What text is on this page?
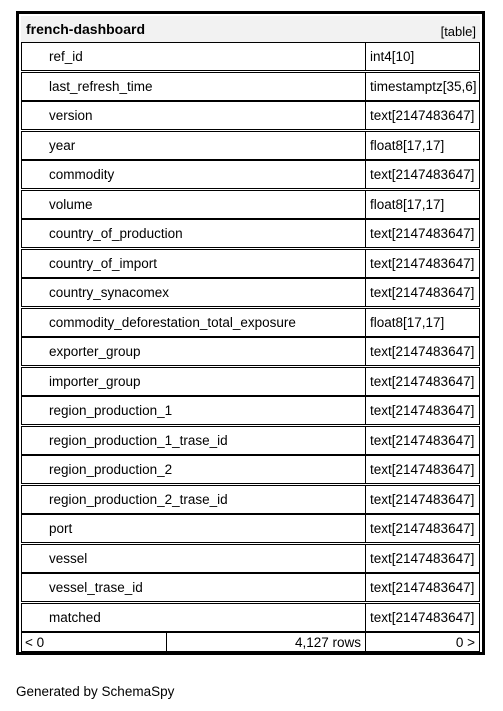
french-dashboard	[table]
ref_id	int4[10]
last_refresh_time	timestamptz[35,6]
version	text[2147483647]
year	float8[17,17]
commodity	text[2147483647]
volume	float8[17,17]
country_of_production	text[2147483647]
country_of_import	text[2147483647]
country_synacomex	text[2147483647]
commodity_deforestation_total_exposure	float8[17,17]
exporter_group	text[2147483647]
importer_group	text[2147483647]
region_production_1	text[2147483647]
region_production_1_trase_id	text[2147483647]
region_production_2	text[2147483647]
region_production_2_trase_id	text[2147483647]
port	text[2147483647]
vessel	text[2147483647]
vessel_trase_id	text[2147483647]
matched	text[2147483647]
< 0	4,127 rows	0 >
Generated by SchemaSpy
